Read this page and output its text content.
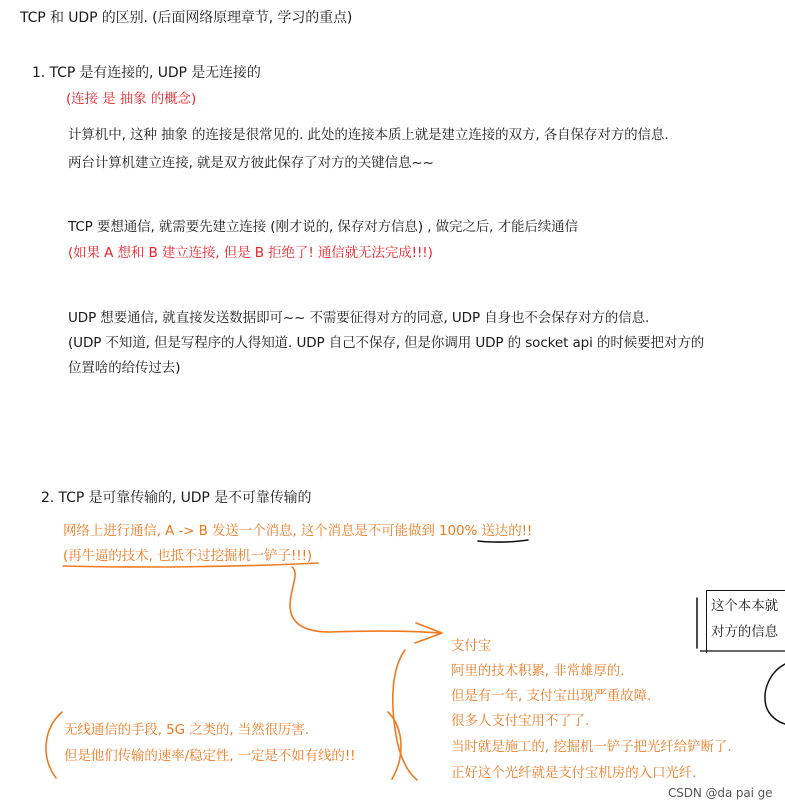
TCP 和 UDP 的区别. (后面网络原理章节, 学习的重点)
1. TCP 是有连接的, UDP 是无连接的
(连接 是 抽象 的概念)
计算机中, 这种 抽象 的连接是很常见的. 此处的连接本质上就是建立连接的双方, 各自保存对方的信息.
两台计算机建立连接, 就是双方彼此保存了对方的关键信息~~
TCP 要想通信, 就需要先建立连接 (刚才说的, 保存对方信息) , 做完之后, 才能后续通信
(如果 A 想和 B 建立连接, 但是 B 拒绝了! 通信就无法完成!!!)
UDP 想要通信, 就直接发送数据即可~~ 不需要征得对方的同意, UDP 自身也不会保存对方的信息.
(UDP 不知道, 但是写程序的人得知道. UDP 自己不保存, 但是你调用 UDP 的 socket api 的时候要把对方的
位置啥的给传过去)
2. TCP 是可靠传输的, UDP 是不可靠传输的
网络上进行通信, A -> B 发送一个消息, 这个消息是不可能做到 100% 送达的!!
(再牛逼的技术, 也抵不过挖掘机一铲子!!!)
支付宝
阿里的技术积累, 非常雄厚的.
但是有一年, 支付宝出现严重故障.
很多人支付宝用不了了.
当时就是施工的, 挖掘机一铲子把光纤给铲断了.
正好这个光纤就是支付宝机房的入口光纤.
无线通信的手段, 5G 之类的, 当然很厉害.
但是他们传输的速率/稳定性, 一定是不如有线的!!
这个本本就
对方的信息
CSDN @da pai ge
